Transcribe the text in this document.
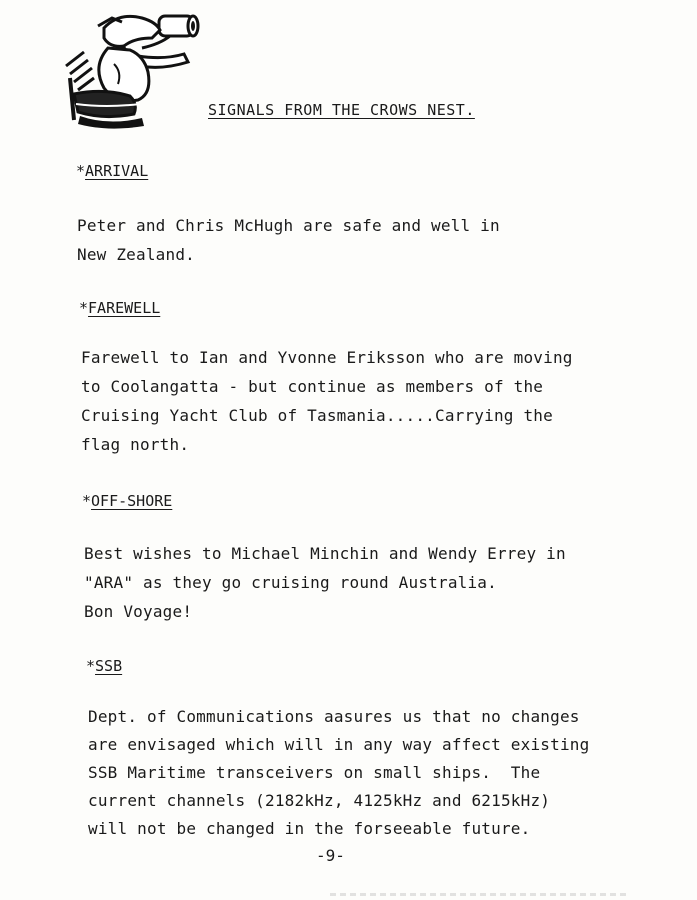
SIGNALS FROM THE CROWS NEST.
*ARRIVAL
Peter and Chris McHugh are safe and well in
New Zealand.
*FAREWELL
Farewell to Ian and Yvonne Eriksson who are moving
to Coolangatta - but continue as members of the
Cruising Yacht Club of Tasmania.....Carrying the
flag north.
*OFF-SHORE
Best wishes to Michael Minchin and Wendy Errey in
"ARA" as they go cruising round Australia.
Bon Voyage!
*SSB
Dept. of Communications aasures us that no changes
are envisaged which will in any way affect existing
SSB Maritime transceivers on small ships.  The
current channels (2182kHz, 4125kHz and 6215kHz)
will not be changed in the forseeable future.
-9-
